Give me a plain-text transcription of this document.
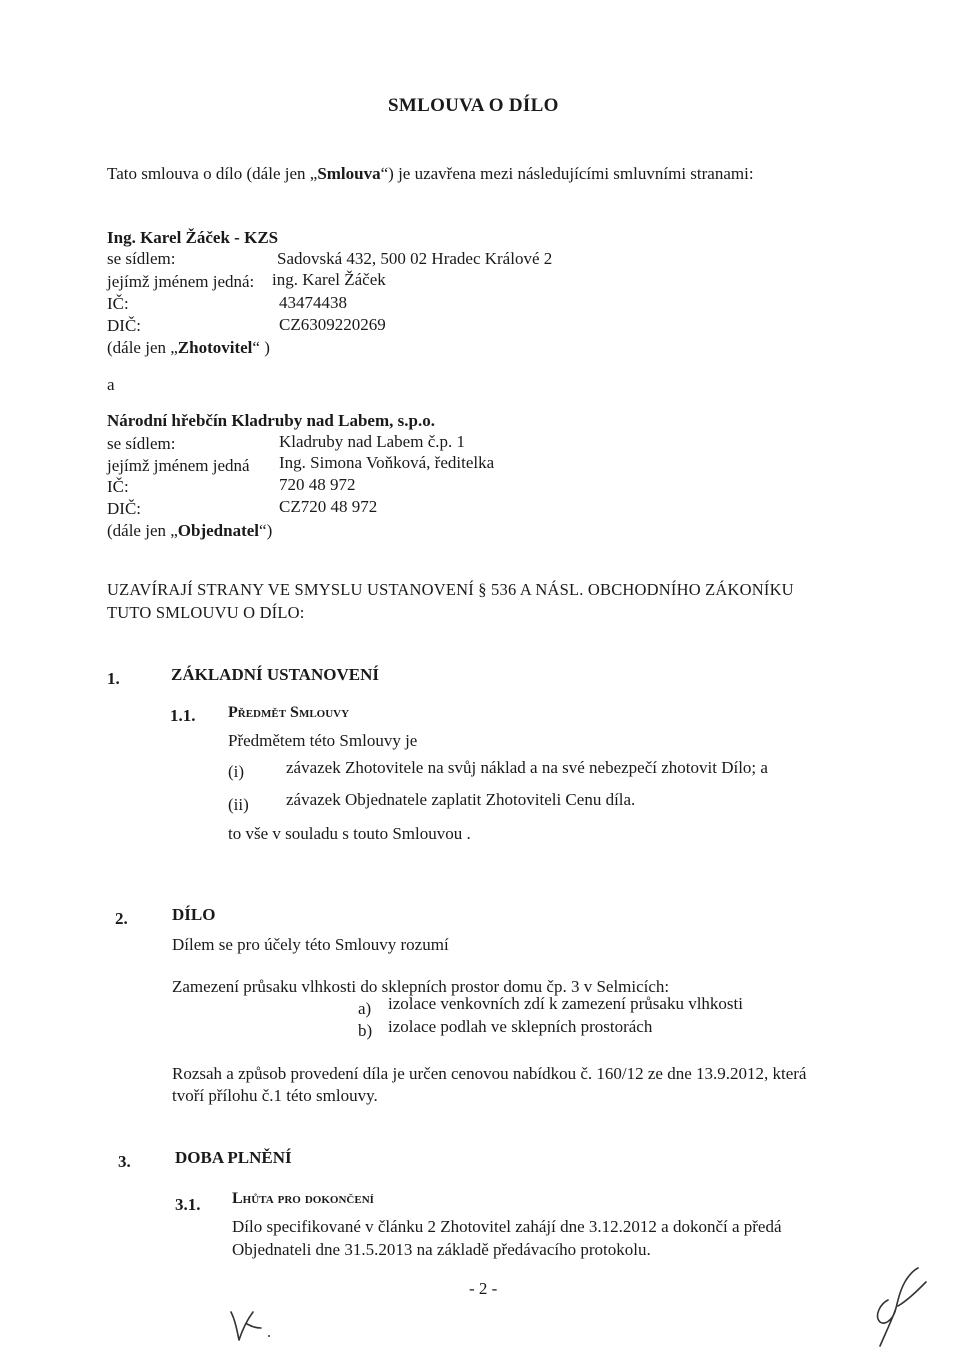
SMLOUVA O DÍLO
Tato smlouva o dílo (dále jen „Smlouva“) je uzavřena mezi následujícími smluvními stranami:
Ing. Karel Žáček - KZS
se sídlem:	Sadovská 432, 500 02 Hradec Králové 2
jejímž jménem jedná: ing. Karel Žáček
IČ:	43474438
DIČ:	CZ6309220269
(dále jen „Zhotovitel“ )
a
Národní hřebčín Kladruby nad Labem, s.p.o.
se sídlem:	Kladruby nad Labem č.p. 1
jejímž jménem jedná Ing. Simona Voňková, ředitelka
IČ:	720 48 972
DIČ:	CZ720 48 972
(dále jen „Objednatel“)
UZAVÍRAJÍ STRANY VE SMYSLU USTANOVENÍ § 536 A NÁSL. OBCHODNÍHO ZÁKONÍKU
TUTO SMLOUVU O DÍLO:
1.	ZÁKLADNÍ USTANOVENÍ
1.1. Předmět Smlouvy
Předmětem této Smlouvy je
(i) závazek Zhotovitele na svůj náklad a na své nebezpečí zhotovit Dílo; a
(ii) závazek Objednatele zaplatit Zhotoviteli Cenu díla.
to vše v souladu s touto Smlouvou .
2.	DÍLO
Dílem se pro účely této Smlouvy rozumí
Zamezení průsaku vlhkosti do sklepních prostor domu čp. 3 v Selmicích:
a) izolace venkovních zdí k zamezení průsaku vlhkosti
b) izolace podlah ve sklepních prostorách
Rozsah a způsob provedení díla je určen cenovou nabídkou č. 160/12 ze dne 13.9.2012, která
tvoří přílohu č.1 této smlouvy.
3.	DOBA PLNĚNÍ
3.1. Lhůta pro dokončení
Dílo specifikované v článku 2 Zhotovitel zahájí dne 3.12.2012 a dokončí a předá
Objednateli dne 31.5.2013 na základě předávacího protokolu.
- 2 -
